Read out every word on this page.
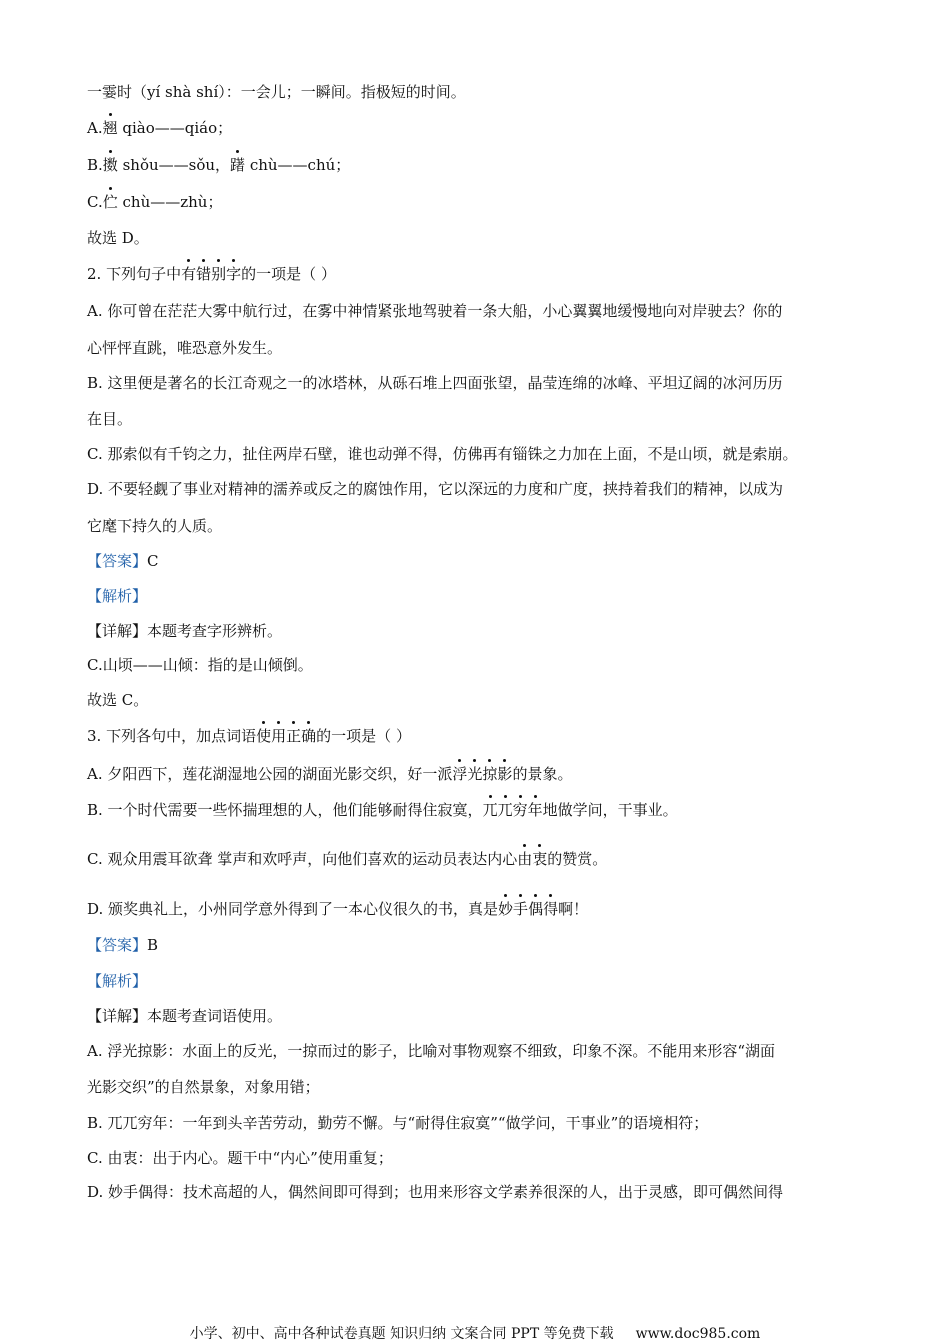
一霎时（yí shà shí）：一会儿；一瞬间。指极短的时间。
A.翘 qiào——qiáo；
B.擞 shǒu——sǒu，躇 chù——chú；
C.伫 chù——zhù；
故选 D。
2. 下列句子中有错别字的一项是（ ）
A. 你可曾在茫茫大雾中航行过，在雾中神情紧张地驾驶着一条大船，小心翼翼地缓慢地向对岸驶去？你的
心怦怦直跳，唯恐意外发生。
B. 这里便是著名的长江奇观之一的冰塔林，从砾石堆上四面张望，晶莹连绵的冰峰、平坦辽阔的冰河历历
在目。
C. 那索似有千钧之力，扯住两岸石壁，谁也动弹不得，仿佛再有锱铢之力加在上面，不是山顷，就是索崩。
D. 不要轻觑了事业对精神的濡养或反之的腐蚀作用，它以深远的力度和广度，挟持着我们的精神，以成为
它麾下持久的人质。
【答案】C
【解析】
【详解】本题考查字形辨析。
C.山顷——山倾：指的是山倾倒。
故选 C。
3. 下列各句中，加点词语使用正确的一项是（ ）
A. 夕阳西下，莲花湖湿地公园的湖面光影交织，好一派浮光掠影的景象。
B. 一个时代需要一些怀揣理想的人，他们能够耐得住寂寞，兀兀穷年地做学问，干事业。
C. 观众用震耳欲聋 掌声和欢呼声，向他们喜欢的运动员表达内心由衷的赞赏。
D. 颁奖典礼上，小州同学意外得到了一本心仪很久的书，真是妙手偶得啊！
【答案】B
【解析】
【详解】本题考查词语使用。
A. 浮光掠影：水面上的反光，一掠而过的影子，比喻对事物观察不细致，印象不深。不能用来形容“湖面
光影交织”的自然景象，对象用错；
B. 兀兀穷年：一年到头辛苦劳动，勤劳不懈。与“耐得住寂寞”“做学问，干事业”的语境相符；
C. 由衷：出于内心。题干中“内心”使用重复；
D. 妙手偶得：技术高超的人，偶然间即可得到；也用来形容文学素养很深的人，出于灵感，即可偶然间得
小学、初中、高中各种试卷真题 知识归纳 文案合同 PPT 等免费下载 www.doc985.com
